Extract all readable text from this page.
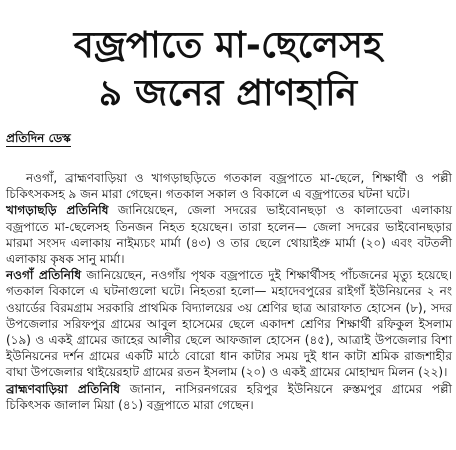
বজ্রপাতে মা-ছেলেসহ
৯ জনের প্রাণহানি
প্রতিদিন ডেস্ক

নওগাঁ, ব্রাহ্মণবাড়িয়া ও খাগড়াছড়িতে গতকাল বজ্রপাতে মা-ছেলে, শিক্ষার্থী ও পল্লী চিকিৎসকসহ ৯ জন মারা গেছেন। গতকাল সকাল ও বিকালে এ বজ্রপাতের ঘটনা ঘটে।

খাগড়াছড়ি প্রতিনিধি জানিয়েছেন, জেলা সদরের ভাইবোনছড়া ও কালাডেবা এলাকায় বজ্রপাতে মা-ছেলেসহ তিনজন নিহত হয়েছেন। তারা হলেন— জেলা সদরের ভাইবোনছড়ার মারমা সংসদ এলাকায় নাইম্যচং মার্মা (৪৩) ও তার ছেলে থোয়াইপ্রু মার্মা (২০) এবং বটতলী এলাকায় কৃষক সানু মার্মা।

নওগাঁ প্রতিনিধি জানিয়েছেন, নওগাঁয় পৃথক বজ্রপাতে দুই শিক্ষার্থীসহ পাঁচজনের মৃত্যু হয়েছে। গতকাল বিকালে এ ঘটনাগুলো ঘটে। নিহতরা হলো— মহাদেবপুরের রাইগাঁ ইউনিয়নের ২ নং ওয়ার্ডের বিরমগ্রাম সরকারি প্রাথমিক বিদ্যালয়ের ৩য় শ্রেণির ছাত্র আরাফাত হোসেন (৮), সদর উপজেলার সরিফপুর গ্রামের আবুল হাসেমের ছেলে একাদশ শ্রেণির শিক্ষার্থী রফিকুল ইসলাম (১৯) ও একই গ্রামের জাহের আলীর ছেলে আফজাল হোসেন (৪৫), আত্রাই উপজেলার বিশা ইউনিয়নের দর্শন গ্রামের একটি মাঠে বোরো ধান কাটার সময় দুই ধান কাটা শ্রমিক রাজশাহীর বাঘা উপজেলার থাইয়েরহাট গ্রামের রতন ইসলাম (২০) ও একই গ্রামের মোহাম্মদ মিলন (২২)।

ব্রাহ্মণবাড়িয়া প্রতিনিধি জানান, নাসিরনগরের হরিপুর ইউনিয়নে রুস্তমপুর গ্রামের পল্লী চিকিৎসক জালাল মিয়া (৪১) বজ্রপাতে মারা গেছেন।
